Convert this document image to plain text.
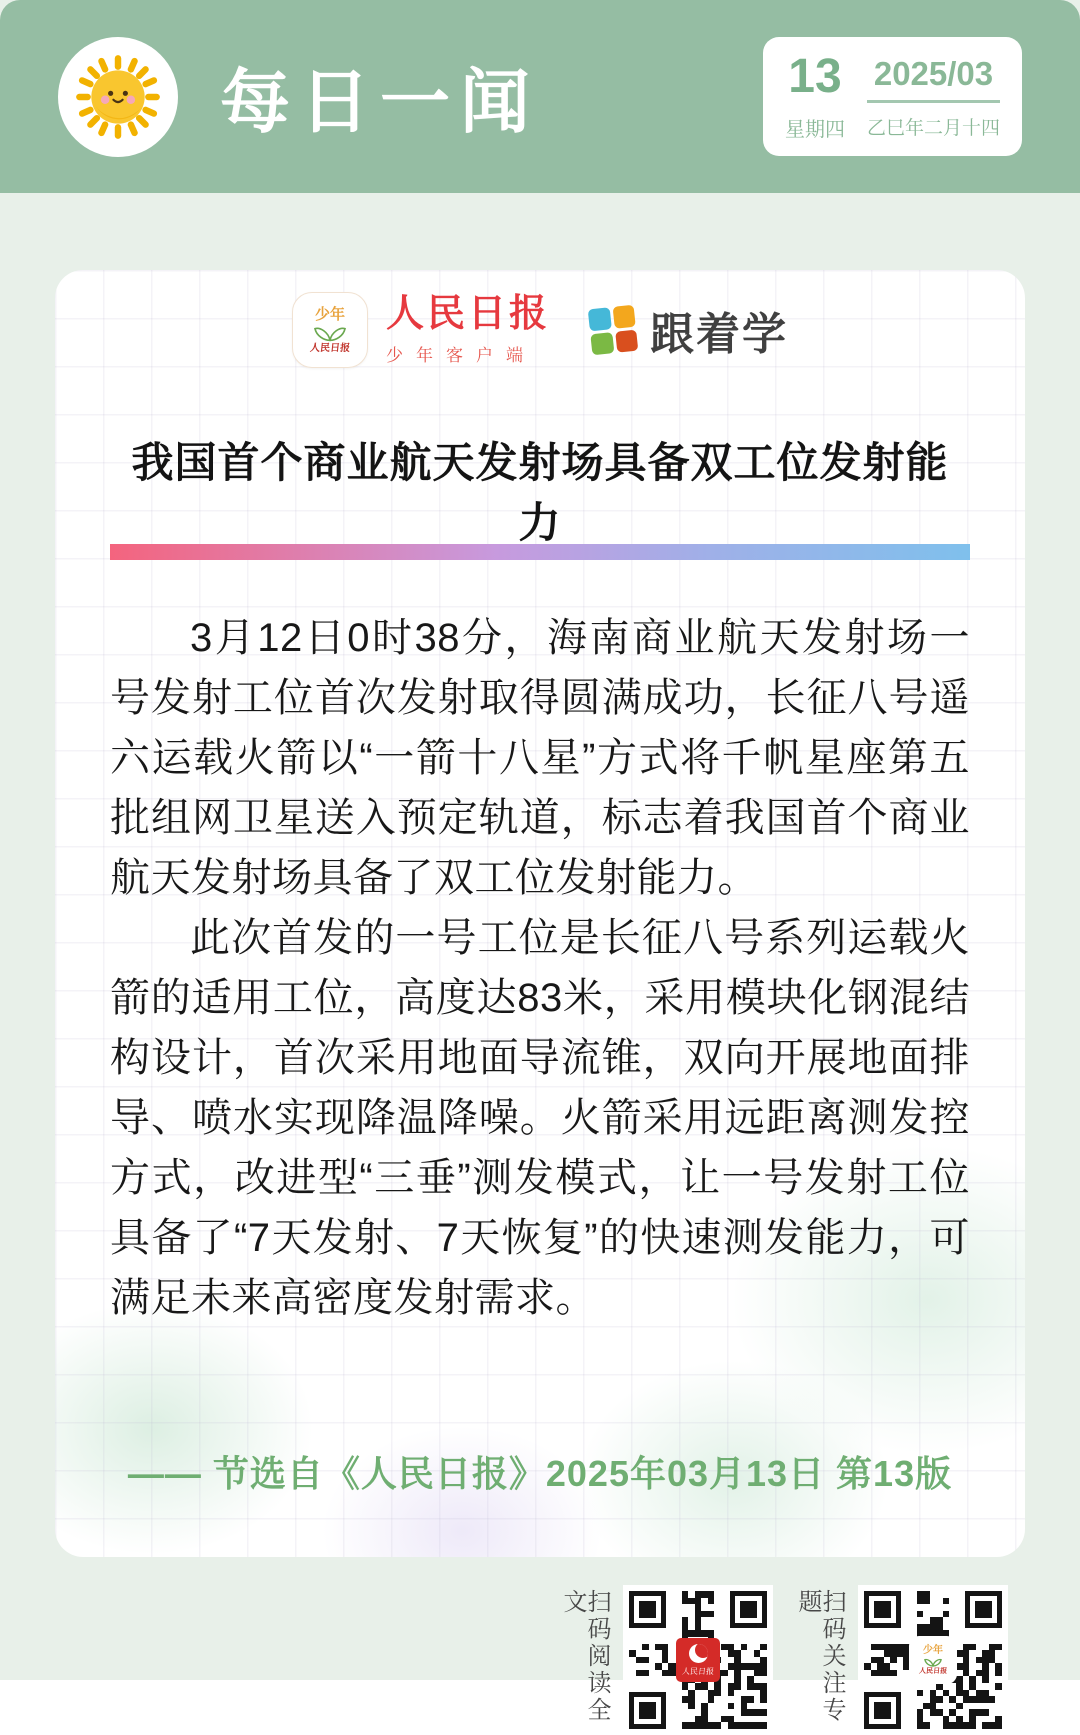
每日一闻	13
星期四
2025/03
乙巳年二月十四
少年
人民日报
人民日报
少年客户端	跟着学
我国首个商业航天发射场具备双工位发射能力

3月12日0时38分，海南商业航天发射场一号发射工位首次发射取得圆满成功，长征八号遥六运载火箭以“一箭十八星”方式将千帆星座第五批组网卫星送入预定轨道，标志着我国首个商业航天发射场具备了双工位发射能力。

此次首发的一号工位是长征八号系列运载火箭的适用工位，高度达83米，采用模块化钢混结构设计，首次采用地面导流锥，双向开展地面排导、喷水实现降温降噪。火箭采用远距离测发控方式，改进型“三垂”测发模式，让一号发射工位具备了“7天发射、7天恢复”的快速测发能力，可满足未来高密度发射需求。

—— 节选自《人民日报》2025年03月13日 第13版
扫码阅读全文
人民日报	扫码关注专题
少年
人民日报
